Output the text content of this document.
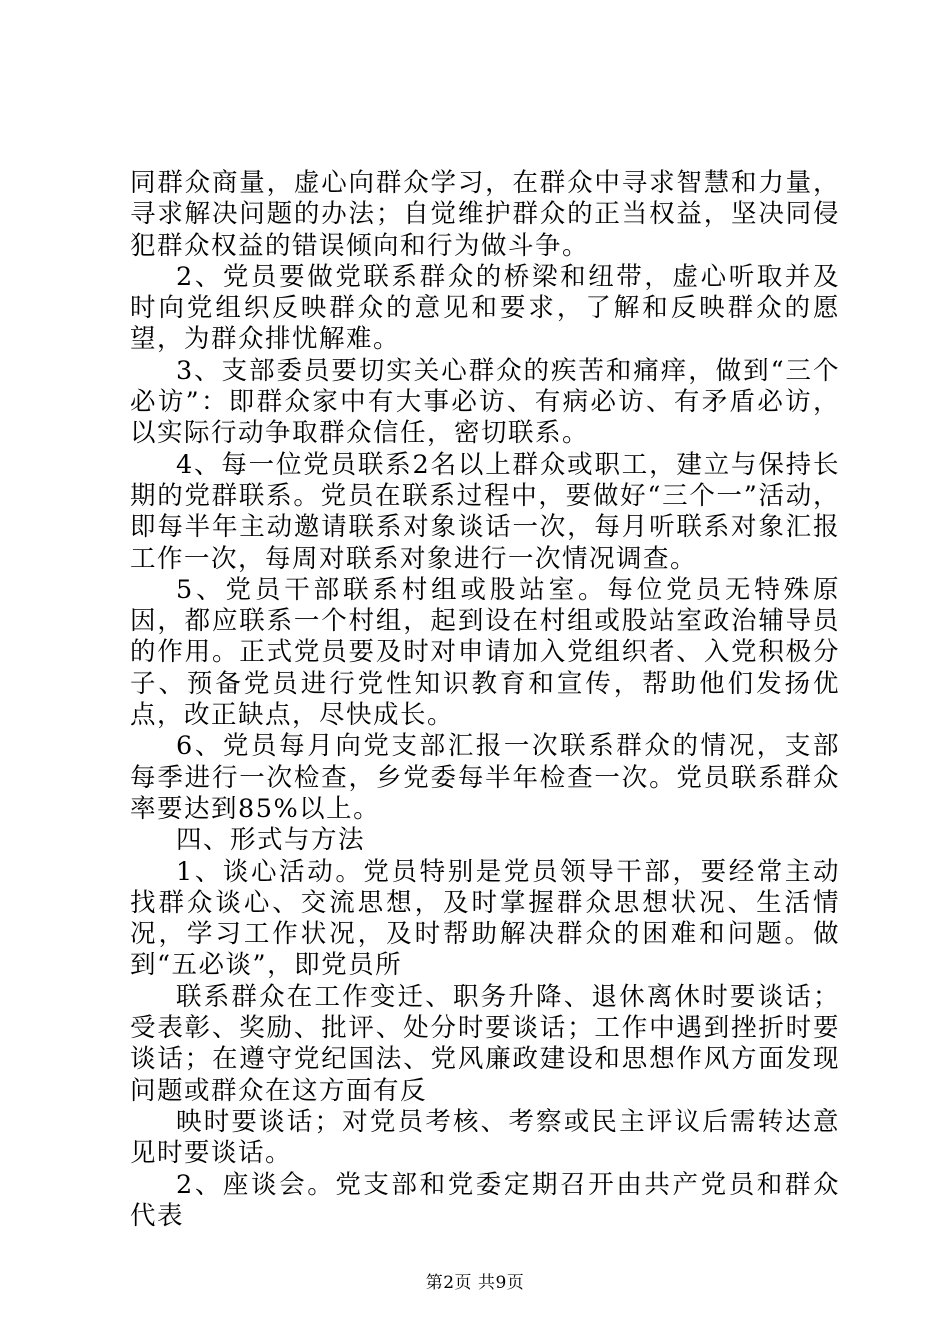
同群众商量，虚心向群众学习，在群众中寻求智慧和力量，寻求解决问题的办法；自觉维护群众的正当权益，坚决同侵犯群众权益的错误倾向和行为做斗争。

2、党员要做党联系群众的桥梁和纽带，虚心听取并及时向党组织反映群众的意见和要求，了解和反映群众的愿望，为群众排忧解难。

3、支部委员要切实关心群众的疾苦和痛痒，做到“三个必访”：即群众家中有大事必访、有病必访、有矛盾必访，以实际行动争取群众信任，密切联系。

4、每一位党员联系2名以上群众或职工，建立与保持长期的党群联系。党员在联系过程中，要做好“三个一”活动，即每半年主动邀请联系对象谈话一次，每月听联系对象汇报工作一次，每周对联系对象进行一次情况调查。

5、党员干部联系村组或股站室。每位党员无特殊原因，都应联系一个村组，起到设在村组或股站室政治辅导员的作用。正式党员要及时对申请加入党组织者、入党积极分子、预备党员进行党性知识教育和宣传，帮助他们发扬优点，改正缺点，尽快成长。

6、党员每月向党支部汇报一次联系群众的情况，支部每季进行一次检查，乡党委每半年检查一次。党员联系群众率要达到85%以上。

四、形式与方法

1、谈心活动。党员特别是党员领导干部，要经常主动找群众谈心、交流思想，及时掌握群众思想状况、生活情况，学习工作状况，及时帮助解决群众的困难和问题。做到“五必谈”，即党员所

联系群众在工作变迁、职务升降、退休离休时要谈话；受表彰、奖励、批评、处分时要谈话；工作中遇到挫折时要谈话；在遵守党纪国法、党风廉政建设和思想作风方面发现问题或群众在这方面有反

映时要谈话；对党员考核、考察或民主评议后需转达意见时要谈话。

2、座谈会。党支部和党委定期召开由共产党员和群众代表

第2页 共9页
